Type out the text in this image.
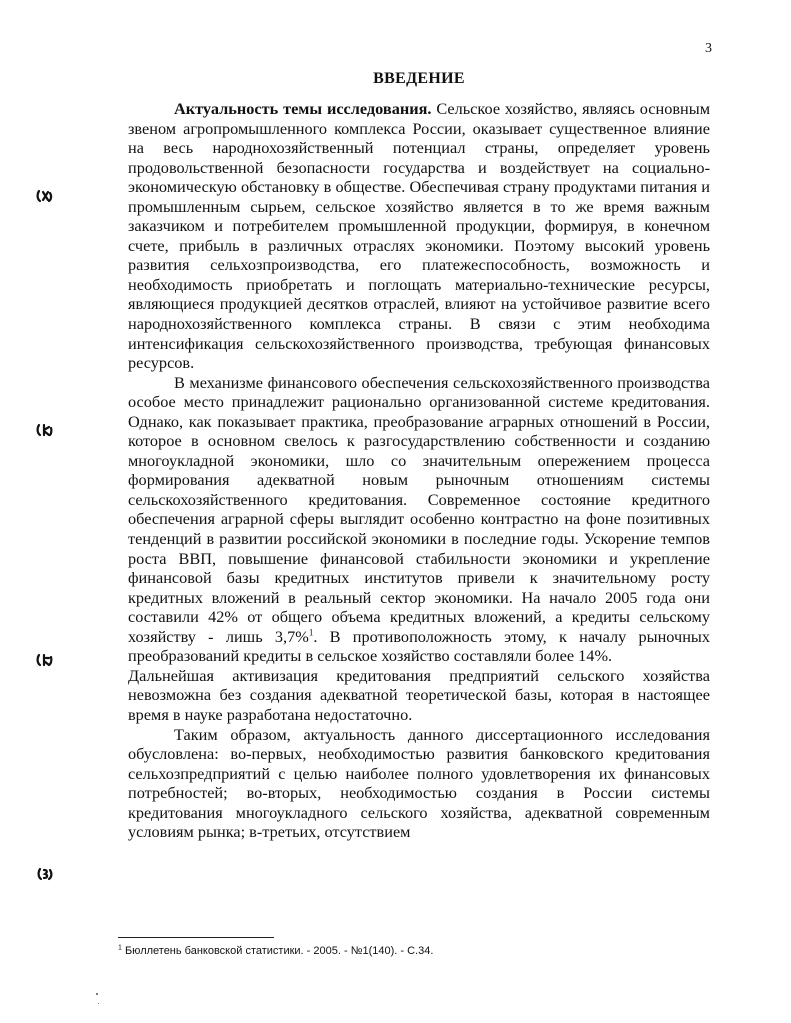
3
ВВЕДЕНИЕ

Актуальность темы исследования. Сельское хозяйство, являясь основным звеном агропромышленного комплекса России, оказывает существенное влияние на весь народнохозяйственный потенциал страны, определяет уровень продовольственной безопасности государства и воздействует на социально-экономическую обстановку в обществе. Обеспечивая страну продуктами питания и промышленным сырьем, сельское хозяйство является в то же время важным заказчиком и потребителем промышленной продукции, формируя, в конечном счете, прибыль в различных отраслях экономики. Поэтому высокий уровень развития сельхозпроизводства, его платежеспособность, возможность и необходимость приобретать и поглощать материально-технические ресурсы, являющиеся продукцией десятков отраслей, влияют на устойчивое развитие всего народнохозяйственного комплекса страны. В связи с этим необходима интенсификация сельскохозяйственного производства, требующая финансовых ресурсов.

В механизме финансового обеспечения сельскохозяйственного производства особое место принадлежит рационально организованной системе кредитования. Однако, как показывает практика, преобразование аграрных отношений в России, которое в основном свелось к разгосударствлению собственности и созданию многоукладной экономики, шло со значительным опережением процесса формирования адекватной новым рыночным отношениям системы сельскохозяйственного кредитования. Современное состояние кредитного обеспечения аграрной сферы выглядит особенно контрастно на фоне позитивных тенденций в развитии российской экономики в последние годы. Ускорение темпов роста ВВП, повышение финансовой стабильности экономики и укрепление финансовой базы кредитных институтов привели к значительному росту кредитных вложений в реальный сектор экономики. На начало 2005 года они составили 42% от общего объема кредитных вложений, а кредиты сельскому хозяйству - лишь 3,7%$^1$. В противоположность этому, к началу рыночных преобразований кредиты в сельское хозяйство составляли более 14%.

Дальнейшая активизация кредитования предприятий сельского хозяйства невозможна без создания адекватной теоретической базы, которая в настоящее время в науке разработана недостаточно.

Таким образом, актуальность данного диссертационного исследования обусловлена: во-первых, необходимостью развития банковского кредитования сельхозпредприятий с целью наиболее полного удовлетворения их финансовых потребностей; во-вторых, необходимостью создания в России системы кредитования многоукладного сельского хозяйства, адекватной современным условиям рынка; в-третьих, отсутствием

$^1$ Бюллетень банковской статистики. - 2005. - №1(140). - С.34.
